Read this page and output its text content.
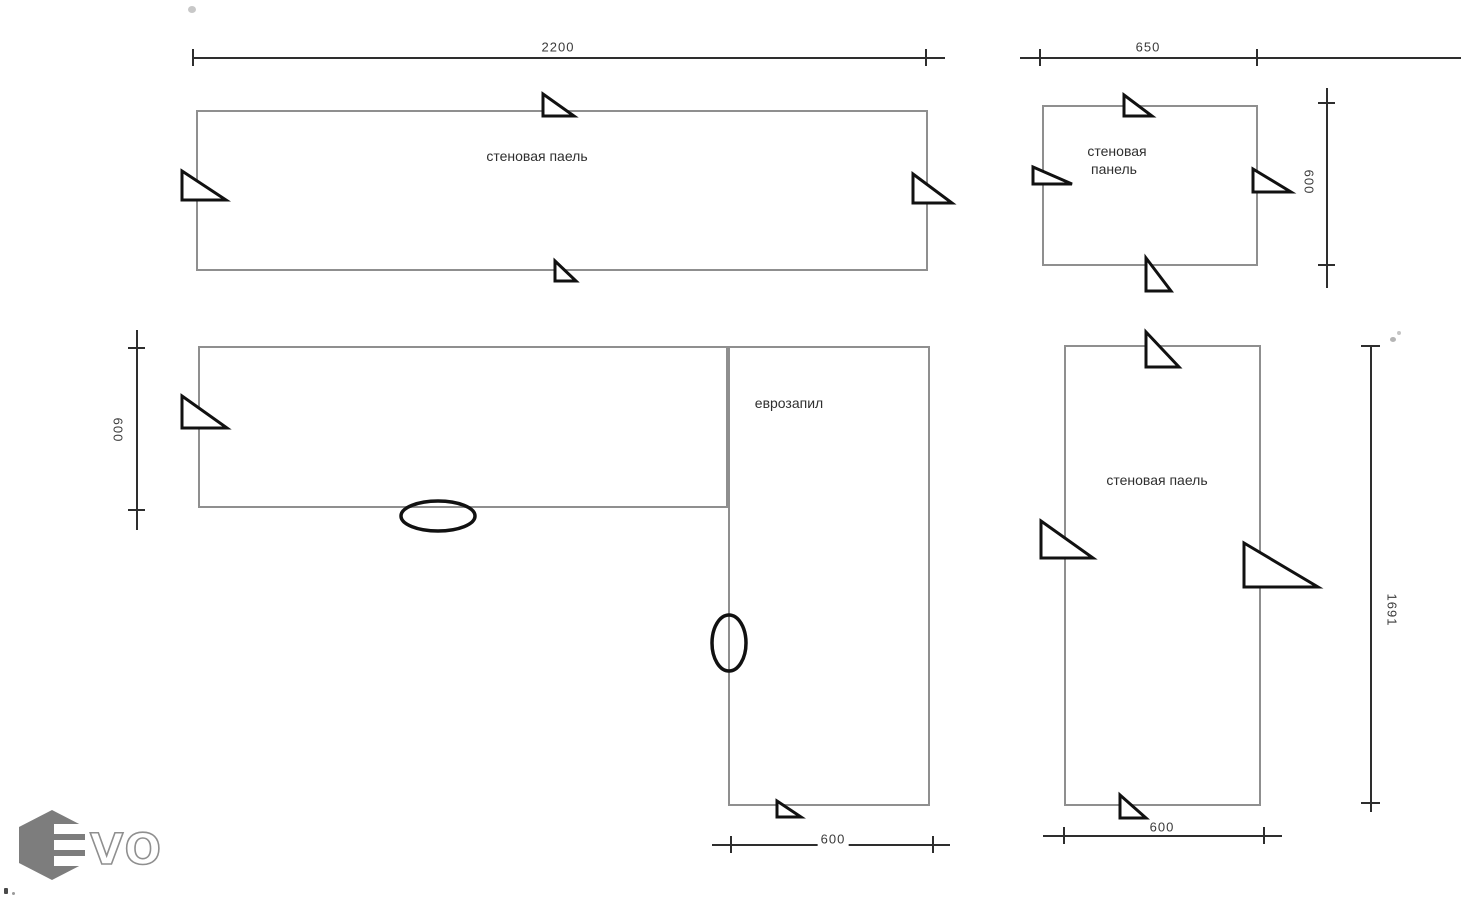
стеновая паель
2200
стеновая
панель
650
600
еврозапил
600
600
стеновая паель
1691
600
VO
